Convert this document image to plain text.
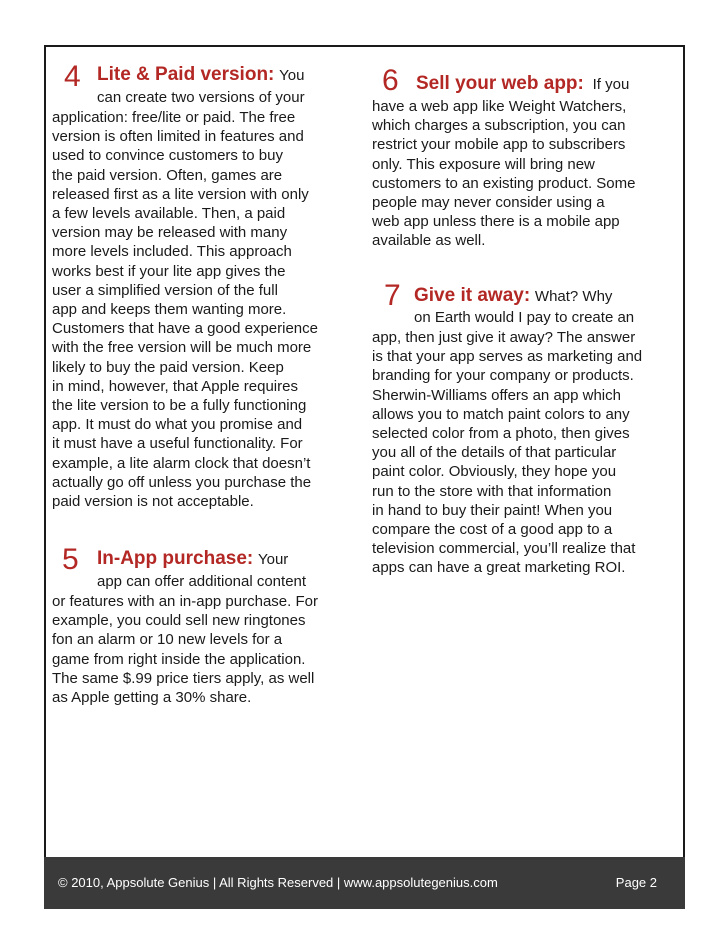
4 Lite & Paid version: You
can create two versions of your
application: free/lite or paid. The free
version is often limited in features and
used to convince customers to buy
the paid version. Often, games are
released first as a lite version with only
a few levels available. Then, a paid
version may be released with many
more levels included. This approach
works best if your lite app gives the
user a simplified version of the full
app and keeps them wanting more.
Customers that have a good experience
with the free version will be much more
likely to buy the paid version. Keep
in mind, however, that Apple requires
the lite version to be a fully functioning
app. It must do what you promise and
it must have a useful functionality. For
example, a lite alarm clock that doesn’t
actually go off unless you purchase the
paid version is not acceptable.
5 In-App purchase: Your
app can offer additional content
or features with an in-app purchase. For
example, you could sell new ringtones
fon an alarm or 10 new levels for a
game from right inside the application.
The same $.99 price tiers apply, as well
as Apple getting a 30% share.
6 Sell your web app: If you
have a web app like Weight Watchers,
which charges a subscription, you can
restrict your mobile app to subscribers
only. This exposure will bring new
customers to an existing product. Some
people may never consider using a
web app unless there is a mobile app
available as well.
7 Give it away: What? Why
on Earth would I pay to create an
app, then just give it away? The answer
is that your app serves as marketing and
branding for your company or products.
Sherwin-Williams offers an app which
allows you to match paint colors to any
selected color from a photo, then gives
you all of the details of that particular
paint color. Obviously, they hope you
run to the store with that information
in hand to buy their paint! When you
compare the cost of a good app to a
television commercial, you’ll realize that
apps can have a great marketing ROI.
© 2010, Appsolute Genius | All Rights Reserved | www.appsolutegenius.com	Page 2
